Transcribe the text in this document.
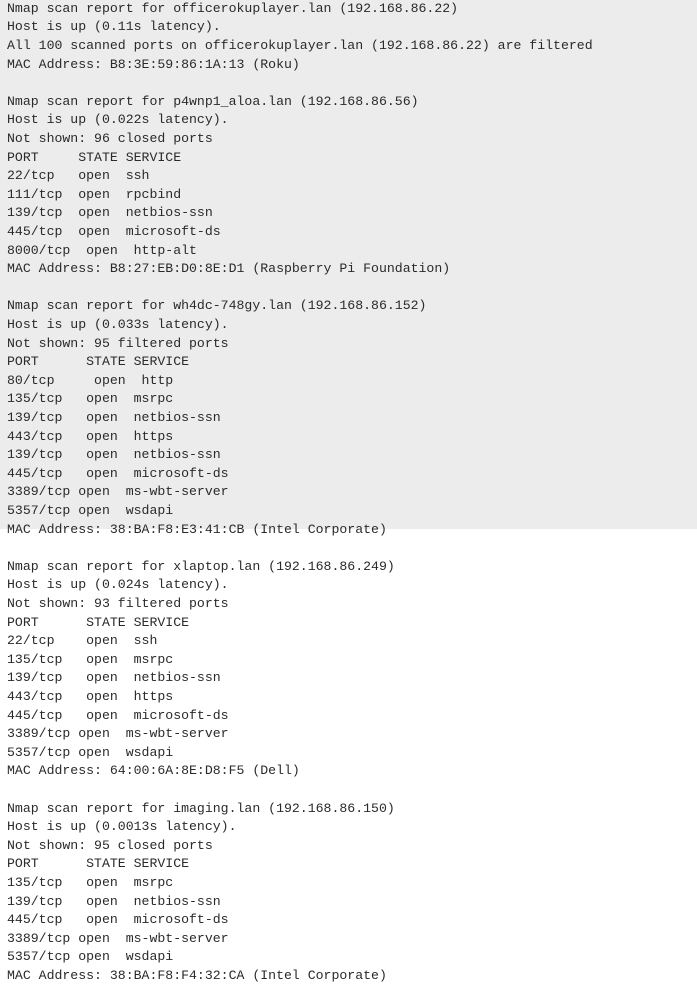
Nmap scan report for officerokuplayer.lan (192.168.86.22)
Host is up (0.11s latency).
All 100 scanned ports on officerokuplayer.lan (192.168.86.22) are filtered
MAC Address: B8:3E:59:86:1A:13 (Roku)
Nmap scan report for p4wnp1_aloa.lan (192.168.86.56)
Host is up (0.022s latency).
Not shown: 96 closed ports
PORT     STATE SERVICE
22/tcp   open  ssh
111/tcp  open  rpcbind
139/tcp  open  netbios-ssn
445/tcp  open  microsoft-ds
8000/tcp  open  http-alt
MAC Address: B8:27:EB:D0:8E:D1 (Raspberry Pi Foundation)
Nmap scan report for wh4dc-748gy.lan (192.168.86.152)
Host is up (0.033s latency).
Not shown: 95 filtered ports
PORT      STATE SERVICE
80/tcp     open  http
135/tcp   open  msrpc
139/tcp   open  netbios-ssn
443/tcp   open  https
139/tcp   open  netbios-ssn
445/tcp   open  microsoft-ds
3389/tcp open  ms-wbt-server
5357/tcp open  wsdapi
MAC Address: 38:BA:F8:E3:41:CB (Intel Corporate)
Nmap scan report for xlaptop.lan (192.168.86.249)
Host is up (0.024s latency).
Not shown: 93 filtered ports
PORT      STATE SERVICE
22/tcp    open  ssh
135/tcp   open  msrpc
139/tcp   open  netbios-ssn
443/tcp   open  https
445/tcp   open  microsoft-ds
3389/tcp open  ms-wbt-server
5357/tcp open  wsdapi
MAC Address: 64:00:6A:8E:D8:F5 (Dell)
Nmap scan report for imaging.lan (192.168.86.150)
Host is up (0.0013s latency).
Not shown: 95 closed ports
PORT      STATE SERVICE
135/tcp   open  msrpc
139/tcp   open  netbios-ssn
445/tcp   open  microsoft-ds
3389/tcp open  ms-wbt-server
5357/tcp open  wsdapi
MAC Address: 38:BA:F8:F4:32:CA (Intel Corporate)
